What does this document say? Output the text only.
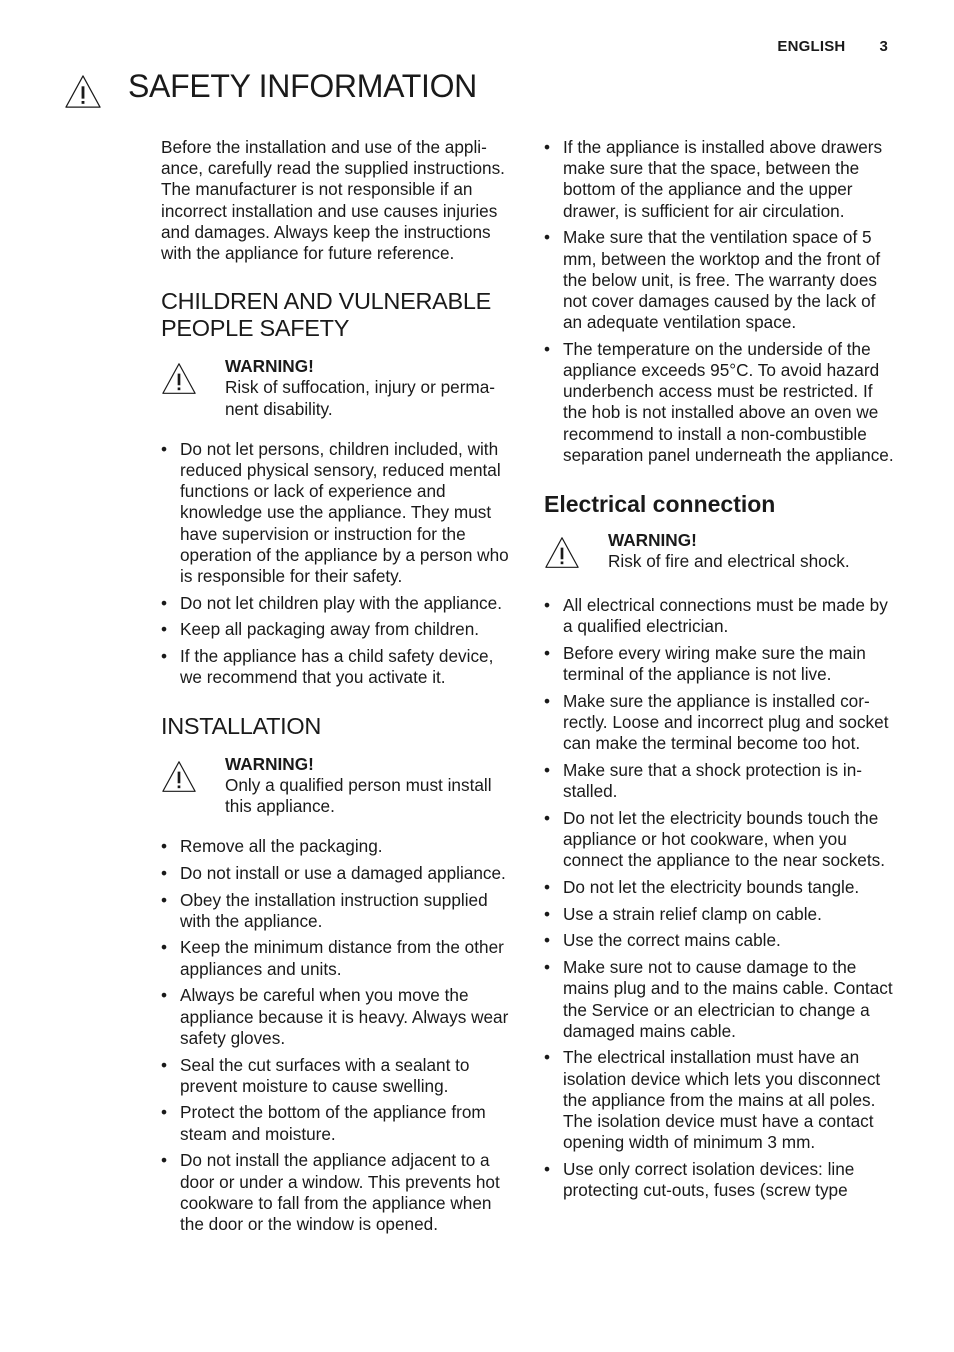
ENGLISH 3
SAFETY INFORMATION

Before the installation and use of the appliance, carefully read the supplied instructions. The manufacturer is not responsible if an incorrect installation and use causes injuries and damages. Always keep the instructions with the appliance for future reference.

CHILDREN AND VULNERABLE PEOPLE SAFETY
WARNING!
Risk of suffocation, injury or permanent disability.
• Do not let persons, children included, with reduced physical sensory, reduced mental functions or lack of experience and knowledge use the appliance. They must have supervision or instruction for the operation of the appliance by a person who is responsible for their safety.
• Do not let children play with the appliance.
• Keep all packaging away from children.
• If the appliance has a child safety device, we recommend that you activate it.
INSTALLATION
WARNING!
Only a qualified person must install this appliance.
• Remove all the packaging.
• Do not install or use a damaged appliance.
• Obey the installation instruction supplied with the appliance.
• Keep the minimum distance from the other appliances and units.
• Always be careful when you move the appliance because it is heavy. Always wear safety gloves.
• Seal the cut surfaces with a sealant to prevent moisture to cause swelling.
• Protect the bottom of the appliance from steam and moisture.
• Do not install the appliance adjacent to a door or under a window. This prevents hot cookware to fall from the appliance when the door or the window is opened.
• If the appliance is installed above drawers make sure that the space, between the bottom of the appliance and the upper drawer, is sufficient for air circulation.
• Make sure that the ventilation space of 5 mm, between the worktop and the front of the below unit, is free. The warranty does not cover damages caused by the lack of an adequate ventilation space.
• The temperature on the underside of the appliance exceeds 95°C. To avoid hazard underbench access must be restricted. If the hob is not installed above an oven we recommend to install a non-combustible separation panel underneath the appliance.
Electrical connection
WARNING!
Risk of fire and electrical shock.
• All electrical connections must be made by a qualified electrician.
• Before every wiring make sure the main terminal of the appliance is not live.
• Make sure the appliance is installed correctly. Loose and incorrect plug and socket can make the terminal become too hot.
• Make sure that a shock protection is installed.
• Do not let the electricity bounds touch the appliance or hot cookware, when you connect the appliance to the near sockets.
• Do not let the electricity bounds tangle.
• Use a strain relief clamp on cable.
• Use the correct mains cable.
• Make sure not to cause damage to the mains plug and to the mains cable. Contact the Service or an electrician to change a damaged mains cable.
• The electrical installation must have an isolation device which lets you disconnect the appliance from the mains at all poles. The isolation device must have a contact opening width of minimum 3 mm.
• Use only correct isolation devices: line protecting cut-outs, fuses (screw type
